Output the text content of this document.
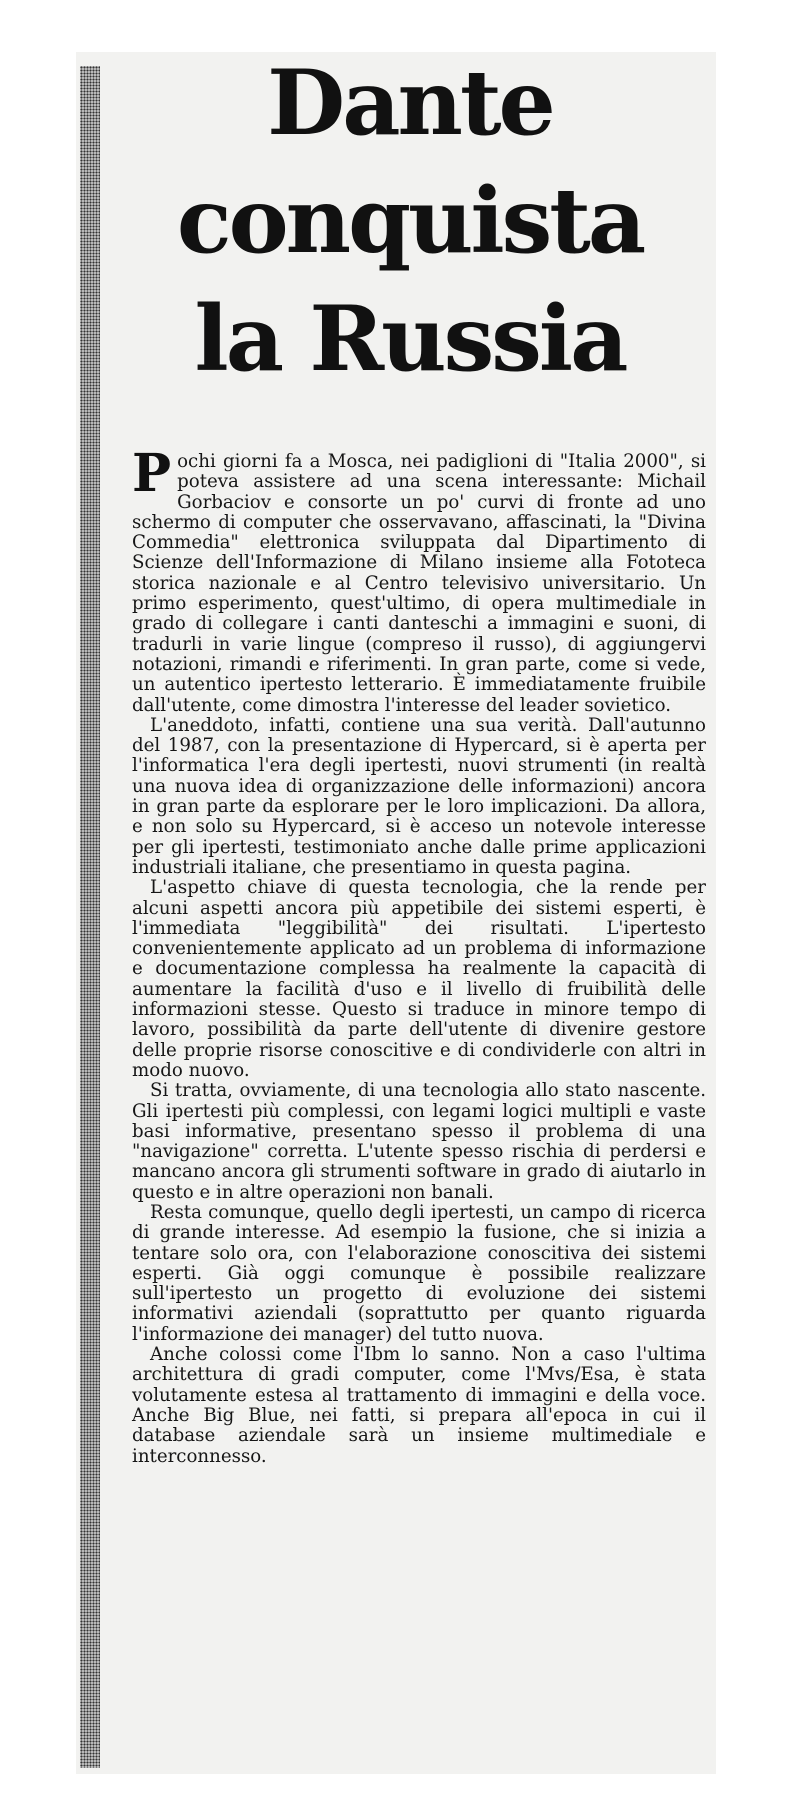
Dante
conquista
la Russia

Pochi giorni fa a Mosca, nei padiglioni di "Italia 2000", si poteva assistere ad una scena interessante: Michail Gorbaciov e consorte un po' curvi di fronte ad uno schermo di computer che osservavano, affascinati, la "Divina Commedia" elettronica sviluppata dal Dipartimento di Scienze dell'Informazione di Milano insieme alla Fototeca storica nazionale e al Centro televisivo universitario. Un primo esperimento, quest'ultimo, di opera multimediale in grado di collegare i canti danteschi a immagini e suoni, di tradurli in varie lingue (compreso il russo), di aggiungervi notazioni, rimandi e riferimenti. In gran parte, come si vede, un autentico ipertesto letterario. È immediatamente fruibile dall'utente, come dimostra l'interesse del leader sovietico.

L'aneddoto, infatti, contiene una sua verità. Dall'autunno del 1987, con la presentazione di Hypercard, si è aperta per l'informatica l'era degli ipertesti, nuovi strumenti (in realtà una nuova idea di organizzazione delle informazioni) ancora in gran parte da esplorare per le loro implicazioni. Da allora, e non solo su Hypercard, si è acceso un notevole interesse per gli ipertesti, testimoniato anche dalle prime applicazioni industriali italiane, che presentiamo in questa pagina.

L'aspetto chiave di questa tecnologia, che la rende per alcuni aspetti ancora più appetibile dei sistemi esperti, è l'immediata "leggibilità" dei risultati. L'ipertesto convenientemente applicato ad un problema di informazione e documentazione complessa ha realmente la capacità di aumentare la facilità d'uso e il livello di fruibilità delle informazioni stesse. Questo si traduce in minore tempo di lavoro, possibilità da parte dell'utente di divenire gestore delle proprie risorse conoscitive e di condividerle con altri in modo nuovo.

Si tratta, ovviamente, di una tecnologia allo stato nascente. Gli ipertesti più complessi, con legami logici multipli e vaste basi informative, presentano spesso il problema di una "navigazione" corretta. L'utente spesso rischia di perdersi e mancano ancora gli strumenti software in grado di aiutarlo in questo e in altre operazioni non banali.

Resta comunque, quello degli ipertesti, un campo di ricerca di grande interesse. Ad esempio la fusione, che si inizia a tentare solo ora, con l'elaborazione conoscitiva dei sistemi esperti. Già oggi comunque è possibile realizzare sull'ipertesto un progetto di evoluzione dei sistemi informativi aziendali (soprattutto per quanto riguarda l'informazione dei manager) del tutto nuova.

Anche colossi come l'Ibm lo sanno. Non a caso l'ultima architettura di gradi computer, come l'Mvs/Esa, è stata volutamente estesa al trattamento di immagini e della voce. Anche Big Blue, nei fatti, si prepara all'epoca in cui il database aziendale sarà un insieme multimediale e interconnesso.
